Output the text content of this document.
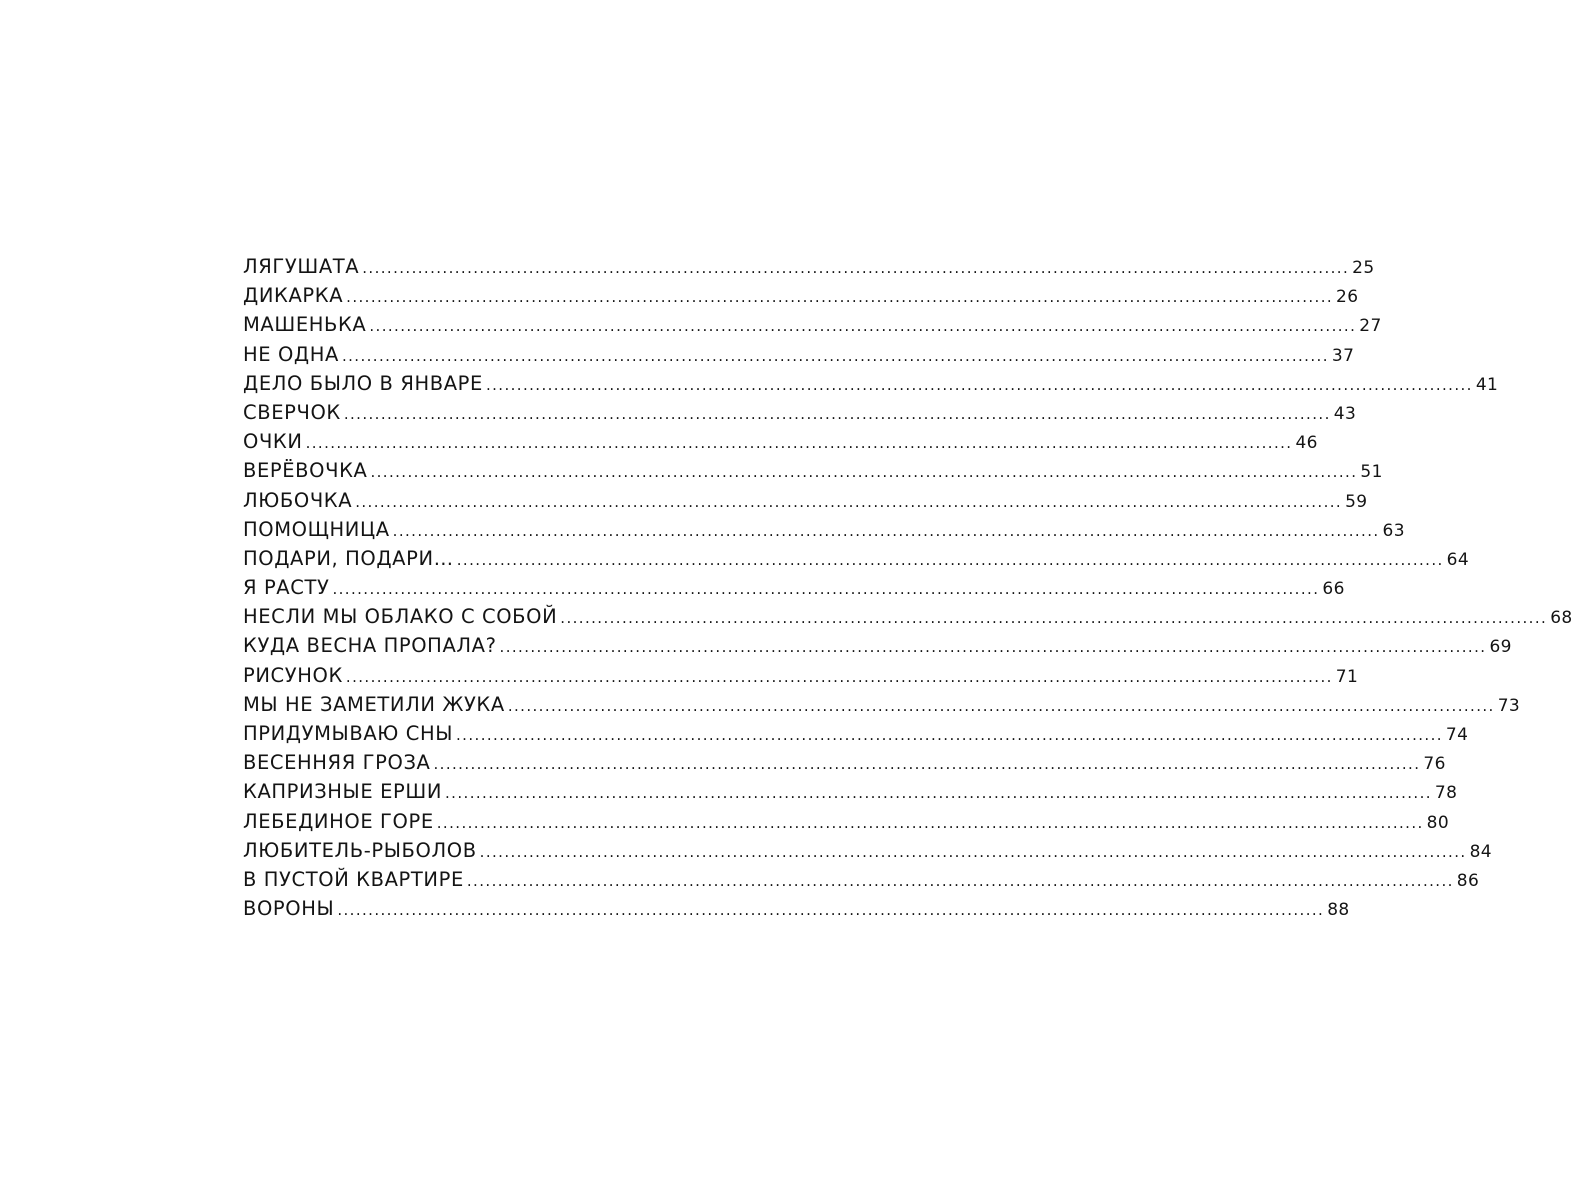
ЛЯГУШАТА ................................................................................................................................................................ 25
ДИКАРКА ................................................................................................................................................................ 26
МАШЕНЬКА ................................................................................................................................................................ 27
НЕ ОДНА ................................................................................................................................................................ 37
ДЕЛО БЫЛО В ЯНВАРЕ ................................................................................................................................................................ 41
СВЕРЧОК ................................................................................................................................................................ 43
ОЧКИ ................................................................................................................................................................ 46
ВЕРЁВОЧКА ................................................................................................................................................................ 51
ЛЮБОЧКА ................................................................................................................................................................ 59
ПОМОЩНИЦА ................................................................................................................................................................ 63
ПОДАРИ, ПОДАРИ… ................................................................................................................................................................ 64
Я РАСТУ ................................................................................................................................................................ 66
НЕСЛИ МЫ ОБЛАКО С СОБОЙ ................................................................................................................................................................ 68
КУДА ВЕСНА ПРОПАЛА? ................................................................................................................................................................ 69
РИСУНОК ................................................................................................................................................................ 71
МЫ НЕ ЗАМЕТИЛИ ЖУКА ................................................................................................................................................................ 73
ПРИДУМЫВАЮ СНЫ ................................................................................................................................................................ 74
ВЕСЕННЯЯ ГРОЗА ................................................................................................................................................................ 76
КАПРИЗНЫЕ ЕРШИ ................................................................................................................................................................ 78
ЛЕБЕДИНОЕ ГОРЕ ................................................................................................................................................................ 80
ЛЮБИТЕЛЬ-РЫБОЛОВ ................................................................................................................................................................ 84
В ПУСТОЙ КВАРТИРЕ ................................................................................................................................................................ 86
ВОРОНЫ ................................................................................................................................................................ 88
